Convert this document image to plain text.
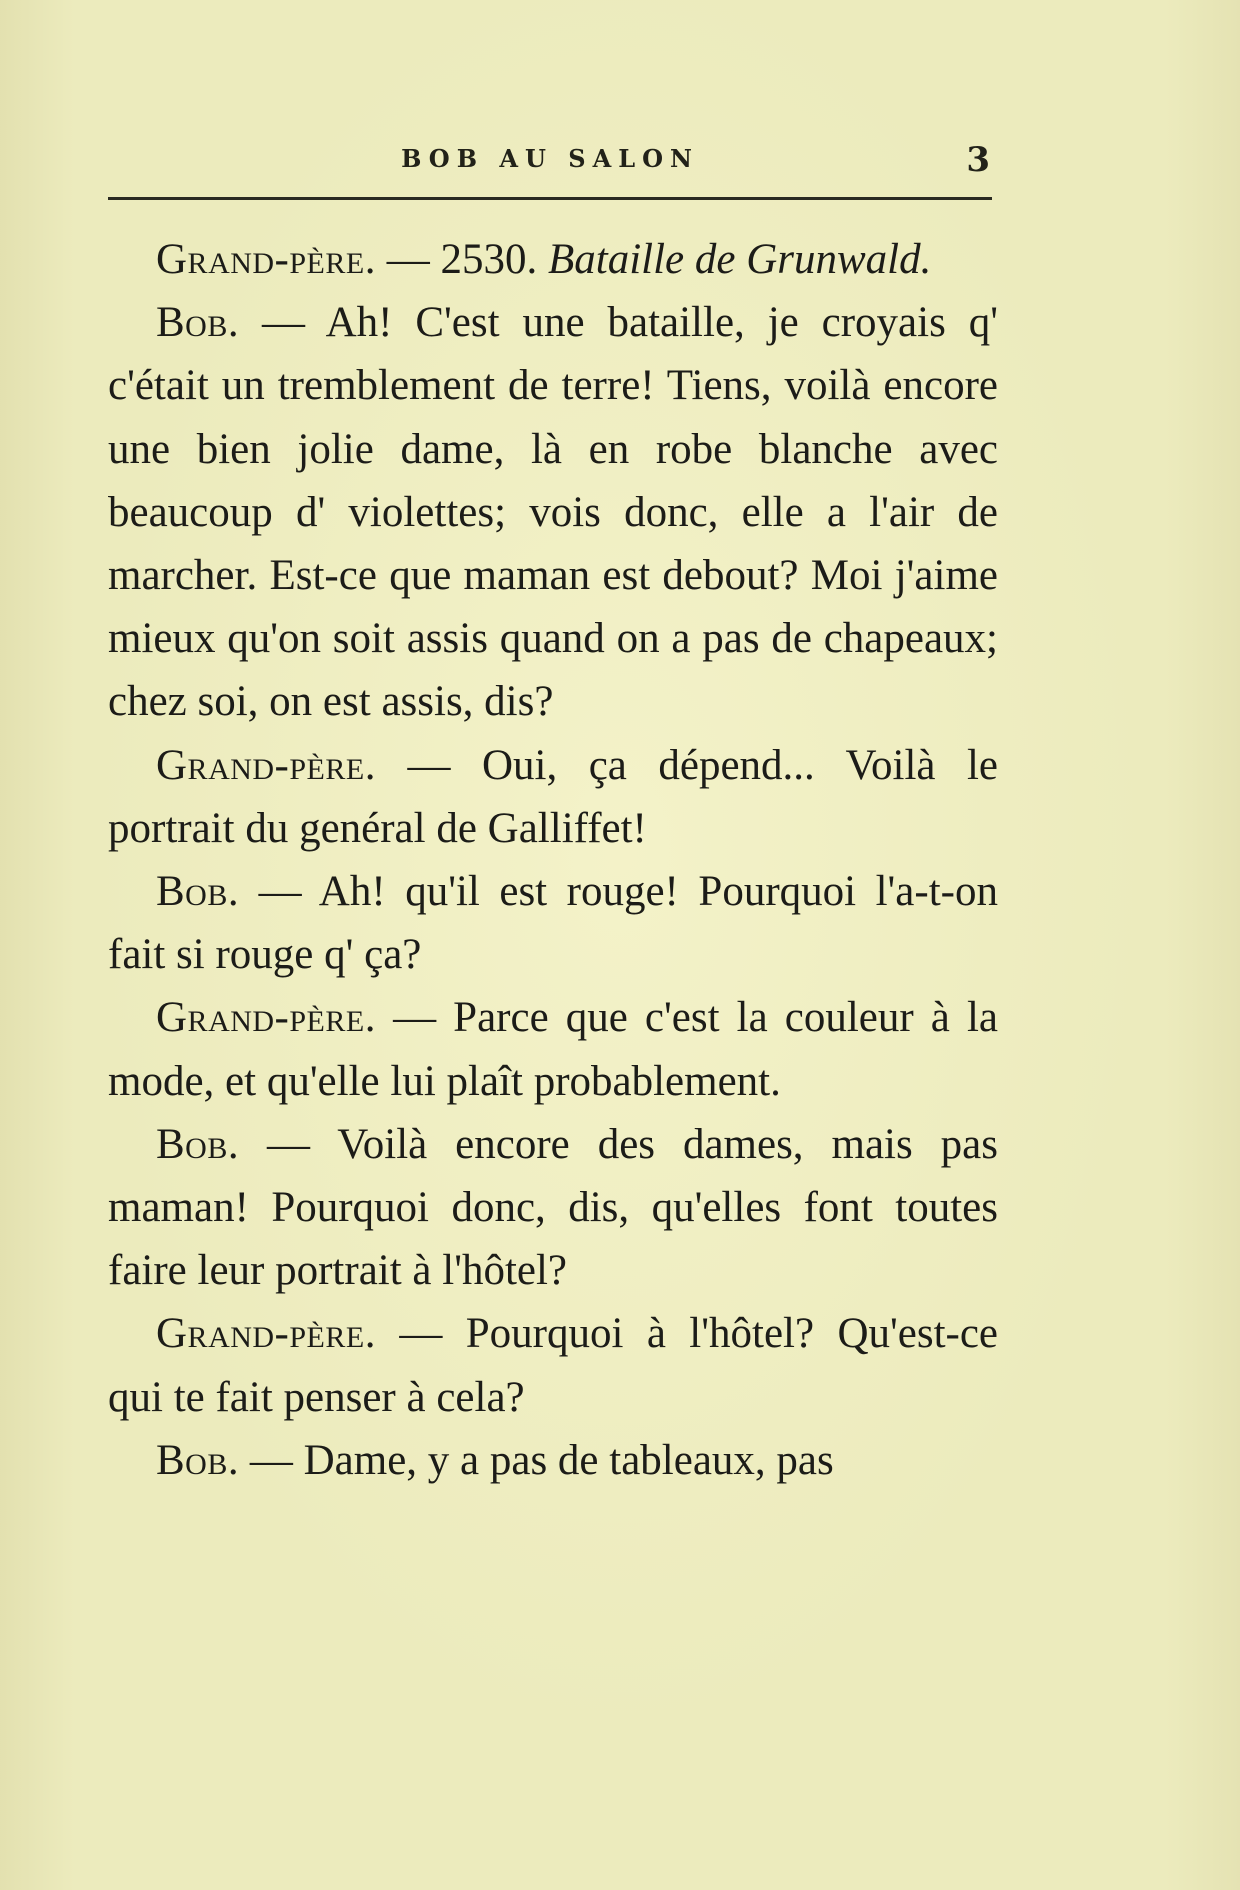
BOB AU SALON	3

Grand-père. — 2530. Bataille de Grunwald.

Bob. — Ah! C'est une bataille, je croyais q' c'était un tremblement de terre! Tiens, voilà encore une bien jolie dame, là en robe blanche avec beaucoup d' violettes; vois donc, elle a l'air de marcher. Est-ce que maman est debout? Moi j'aime mieux qu'on soit assis quand on a pas de chapeaux; chez soi, on est assis, dis?

Grand-père. — Oui, ça dépend... Voilà le portrait du genéral de Galliffet!

Bob. — Ah! qu'il est rouge! Pourquoi l'a-t-on fait si rouge q' ça?

Grand-père. — Parce que c'est la couleur à la mode, et qu'elle lui plaît probablement.

Bob. — Voilà encore des dames, mais pas maman! Pourquoi donc, dis, qu'elles font toutes faire leur portrait à l'hôtel?

Grand-père. — Pourquoi à l'hôtel? Qu'est-ce qui te fait penser à cela?

Bob. — Dame, y a pas de tableaux, pas
